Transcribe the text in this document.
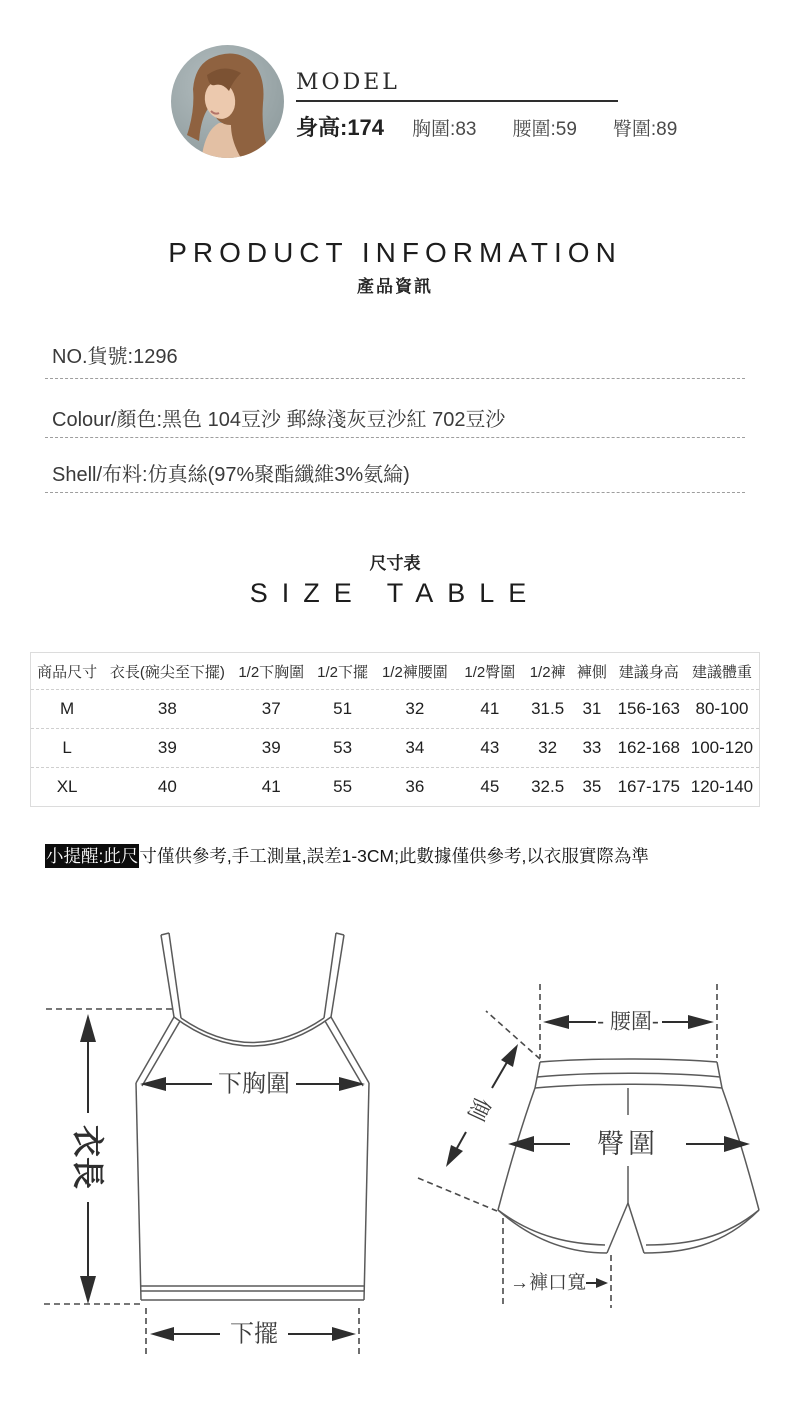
MODEL
身高:174 胸圍:83 腰圍:59 臀圍:89
PRODUCT INFORMATION
產品資訊
NO.貨號:1296
Colour/顏色:黑色 104豆沙 郵綠淺灰豆沙紅 702豆沙
Shell/布料:仿真絲(97%聚酯纖維3%氨綸)
尺寸表
SIZE TABLE
商品尺寸 衣長(碗尖至下擺) 1/2下胸圍 1/2下擺 1/2褲腰圍	1/2臀圍 1/2褲 褲側 建議身高 建議體重
M	38	37	51	32	41	31.5	31 156-163 80-100
L	39	39	53	34	43	32	33 162-168 100-120
XL	40	41	55	36	45	32.5	35 167-175 120-140
小提醒:此尺寸僅供參考,手工測量,誤差1-3CM;此數據僅供參考,以衣服實際為準
衣長
下胸圍
下擺
- 腰圍-
臀圍
側
→褲口寬
